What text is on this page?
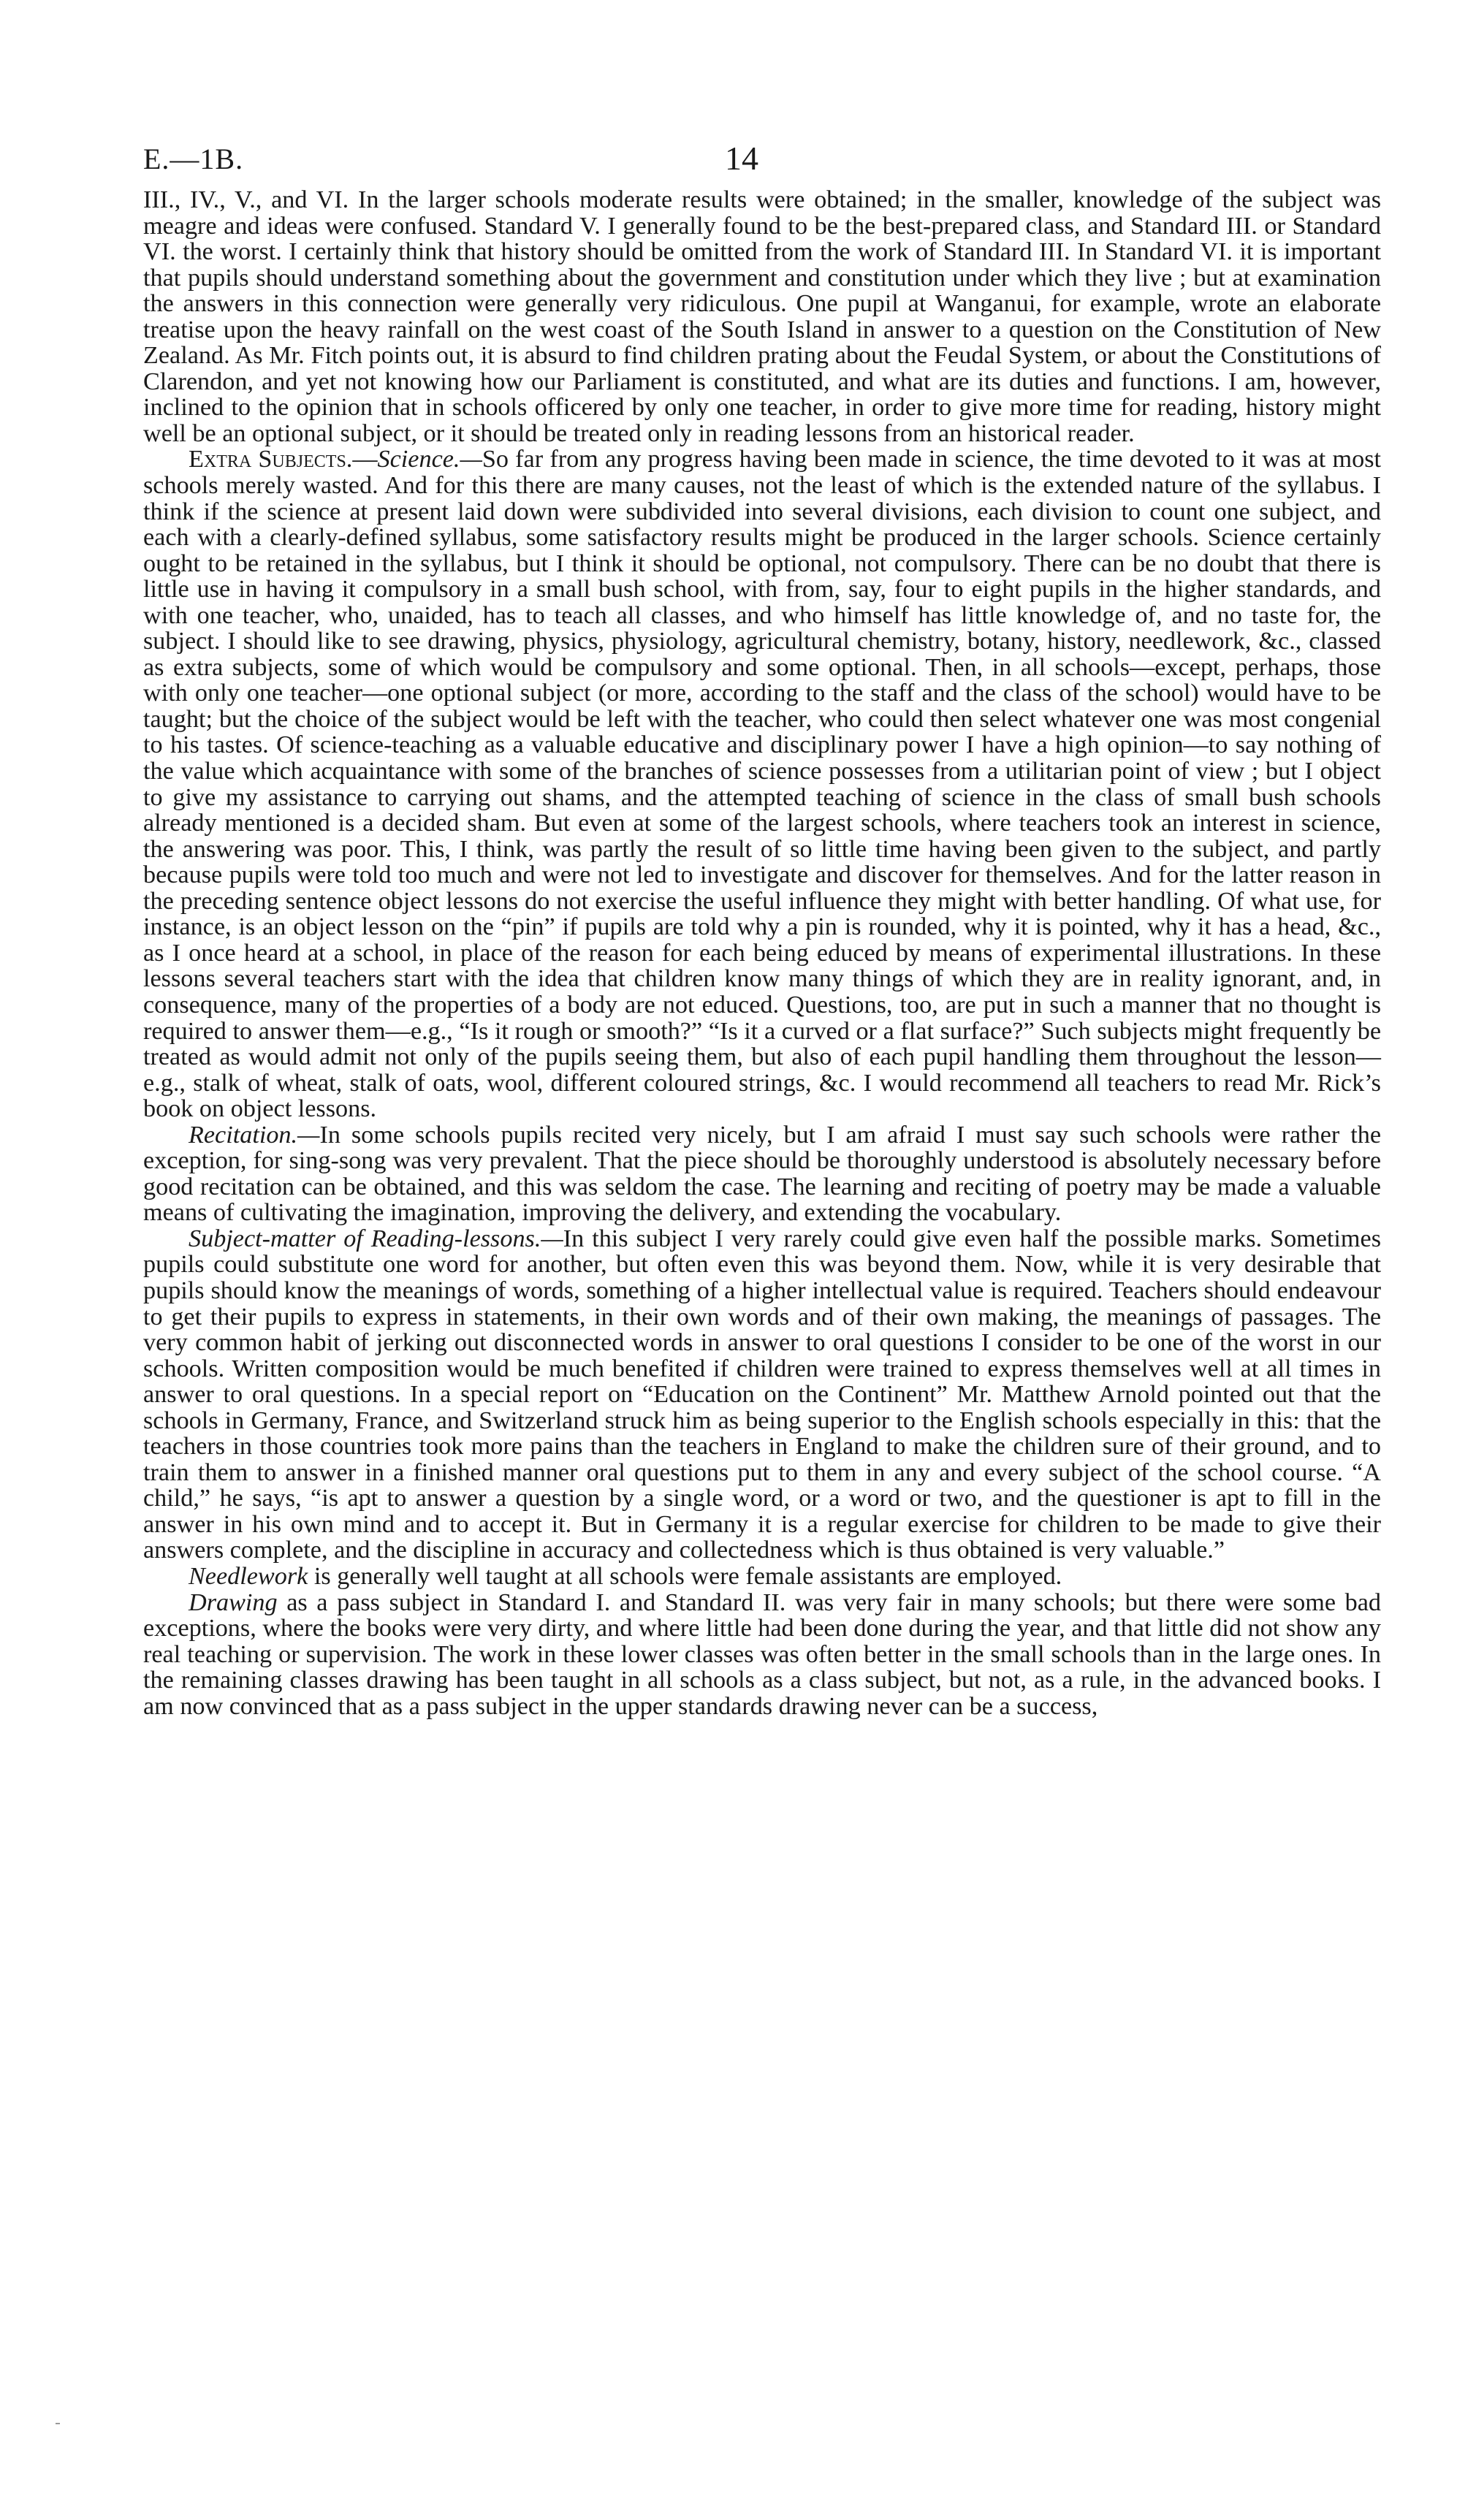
E.—1B.	14

III., IV., V., and VI. In the larger schools moderate results were obtained; in the smaller, knowledge of the subject was meagre and ideas were confused. Standard V. I generally found to be the best-prepared class, and Standard III. or Standard VI. the worst. I certainly think that history should be omitted from the work of Standard III. In Standard VI. it is important that pupils should understand something about the government and constitution under which they live ; but at examination the answers in this connection were generally very ridiculous. One pupil at Wanganui, for example, wrote an elaborate treatise upon the heavy rainfall on the west coast of the South Island in answer to a question on the Constitution of New Zealand. As Mr. Fitch points out, it is absurd to find children prating about the Feudal System, or about the Constitutions of Clarendon, and yet not knowing how our Parliament is constituted, and what are its duties and functions. I am, however, inclined to the opinion that in schools officered by only one teacher, in order to give more time for reading, history might well be an optional subject, or it should be treated only in reading lessons from an historical reader.

Extra Subjects.—Science.—So far from any progress having been made in science, the time devoted to it was at most schools merely wasted. And for this there are many causes, not the least of which is the extended nature of the syllabus. I think if the science at present laid down were subdivided into several divisions, each division to count one subject, and each with a clearly-defined syllabus, some satisfactory results might be produced in the larger schools. Science certainly ought to be retained in the syllabus, but I think it should be optional, not compulsory. There can be no doubt that there is little use in having it compulsory in a small bush school, with from, say, four to eight pupils in the higher standards, and with one teacher, who, unaided, has to teach all classes, and who himself has little knowledge of, and no taste for, the subject. I should like to see drawing, physics, physiology, agricultural chemistry, botany, history, needlework, &c., classed as extra subjects, some of which would be compulsory and some optional. Then, in all schools—except, perhaps, those with only one teacher—one optional subject (or more, according to the staff and the class of the school) would have to be taught; but the choice of the subject would be left with the teacher, who could then select whatever one was most congenial to his tastes. Of science-teaching as a valuable educative and disciplinary power I have a high opinion—to say nothing of the value which acquaintance with some of the branches of science possesses from a utilitarian point of view ; but I object to give my assistance to carrying out shams, and the attempted teaching of science in the class of small bush schools already mentioned is a decided sham. But even at some of the largest schools, where teachers took an interest in science, the answering was poor. This, I think, was partly the result of so little time having been given to the subject, and partly because pupils were told too much and were not led to investigate and discover for themselves. And for the latter reason in the preceding sentence object lessons do not exercise the useful influence they might with better handling. Of what use, for instance, is an object lesson on the “pin” if pupils are told why a pin is rounded, why it is pointed, why it has a head, &c., as I once heard at a school, in place of the reason for each being educed by means of experimental illustrations. In these lessons several teachers start with the idea that children know many things of which they are in reality ignorant, and, in consequence, many of the properties of a body are not educed. Questions, too, are put in such a manner that no thought is required to answer them—e.g., “Is it rough or smooth?” “Is it a curved or a flat surface?” Such subjects might frequently be treated as would admit not only of the pupils seeing them, but also of each pupil handling them throughout the lesson—e.g., stalk of wheat, stalk of oats, wool, different coloured strings, &c. I would recommend all teachers to read Mr. Rick’s book on object lessons.

Recitation.—In some schools pupils recited very nicely, but I am afraid I must say such schools were rather the exception, for sing-song was very prevalent. That the piece should be thoroughly understood is absolutely necessary before good recitation can be obtained, and this was seldom the case. The learning and reciting of poetry may be made a valuable means of cultivating the imagination, improving the delivery, and extending the vocabulary.

Subject-matter of Reading-lessons.—In this subject I very rarely could give even half the possible marks. Sometimes pupils could substitute one word for another, but often even this was beyond them. Now, while it is very desirable that pupils should know the meanings of words, something of a higher intellectual value is required. Teachers should endeavour to get their pupils to express in statements, in their own words and of their own making, the meanings of passages. The very common habit of jerking out disconnected words in answer to oral questions I consider to be one of the worst in our schools. Written composition would be much benefited if children were trained to express themselves well at all times in answer to oral questions. In a special report on “Education on the Continent” Mr. Matthew Arnold pointed out that the schools in Germany, France, and Switzerland struck him as being superior to the English schools especially in this: that the teachers in those countries took more pains than the teachers in England to make the children sure of their ground, and to train them to answer in a finished manner oral questions put to them in any and every subject of the school course. “A child,” he says, “is apt to answer a question by a single word, or a word or two, and the questioner is apt to fill in the answer in his own mind and to accept it. But in Germany it is a regular exercise for children to be made to give their answers complete, and the discipline in accuracy and collectedness which is thus obtained is very valuable.”

Needlework is generally well taught at all schools were female assistants are employed.

Drawing as a pass subject in Standard I. and Standard II. was very fair in many schools; but there were some bad exceptions, where the books were very dirty, and where little had been done during the year, and that little did not show any real teaching or supervision. The work in these lower classes was often better in the small schools than in the large ones. In the remaining classes drawing has been taught in all schools as a class subject, but not, as a rule, in the advanced books. I am now convinced that as a pass subject in the upper standards drawing never can be a success,
